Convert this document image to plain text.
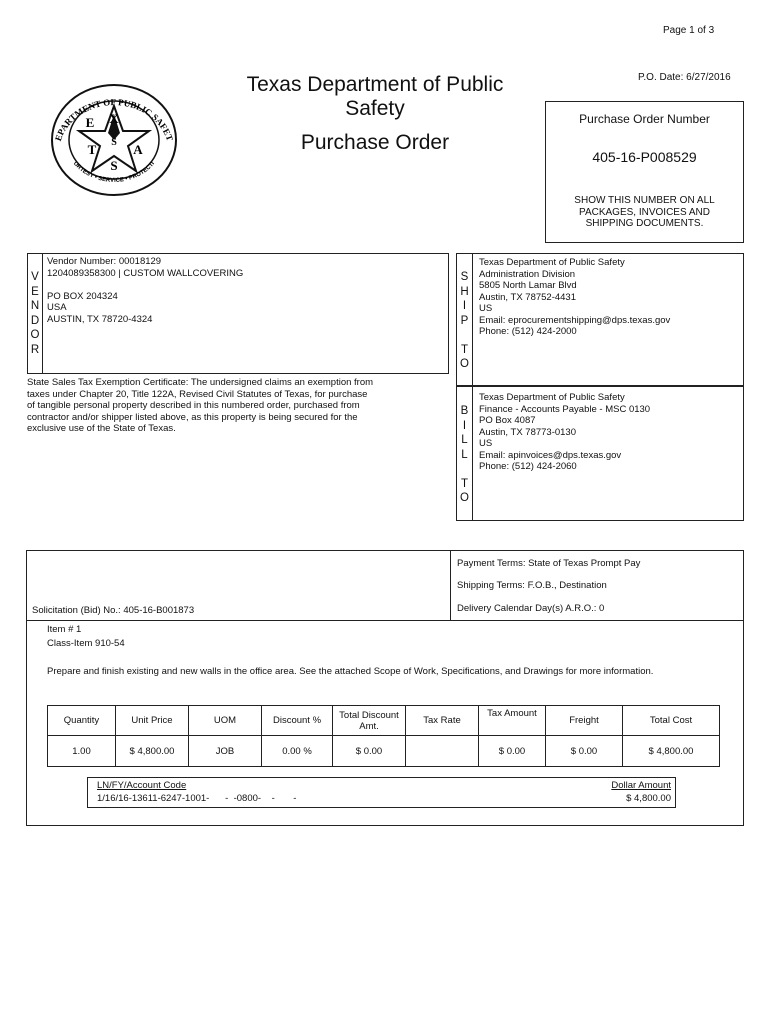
Page 1 of 3
S
E X
T	A
S
EPARTMENT OF PUBLIC SAFET
URTESY • SERVICE • PROTECTI
Texas Department of Public
Safety
Purchase Order
P.O. Date: 6/27/2016
Purchase Order Number
405-16-P008529
SHOW THIS NUMBER ON ALL
PACKAGES, INVOICES AND
SHIPPING DOCUMENTS.
V
E
N
D
O
R
Vendor Number: 00018129
1204089358300 | CUSTOM WALLCOVERING
PO BOX 204324
USA
AUSTIN, TX 78720-4324
S
H
I
P
T
O
Texas Department of Public Safety
Administration Division
5805 North Lamar Blvd
Austin, TX 78752-4431
US
Email: eprocurementshipping@dps.texas.gov
Phone: (512) 424-2000
State Sales Tax Exemption Certificate: The undersigned claims an exemption from
taxes under Chapter 20, Title 122A, Revised Civil Statutes of Texas, for purchase
of tangible personal property described in this numbered order, purchased from
contractor and/or shipper listed above, as this property is being secured for the
exclusive use of the State of Texas.
B
I
L
L
T
O
Texas Department of Public Safety
Finance - Accounts Payable - MSC 0130
PO Box 4087
Austin, TX 78773-0130
US
Email: apinvoices@dps.texas.gov
Phone: (512) 424-2060
Payment Terms: State of Texas Prompt Pay
Shipping Terms: F.O.B., Destination
Delivery Calendar Day(s) A.R.O.: 0
Solicitation (Bid) No.: 405-16-B001873
Item # 1
Class-Item 910-54
Prepare and finish existing and new walls in the office area. See the attached Scope of Work, Specifications, and Drawings for more information.
Quantity	Unit Price	UOM	Discount %	Total Discount Amt.	Tax Rate	Tax Amount	Freight	Total Cost
1.00	$ 4,800.00	JOB	0.00 %	$ 0.00		$ 0.00	$ 0.00	$ 4,800.00
LN/FY/Account Code	Dollar Amount
1/16/16-13611-6247-1001-      -  -0800-    -       -	$ 4,800.00
